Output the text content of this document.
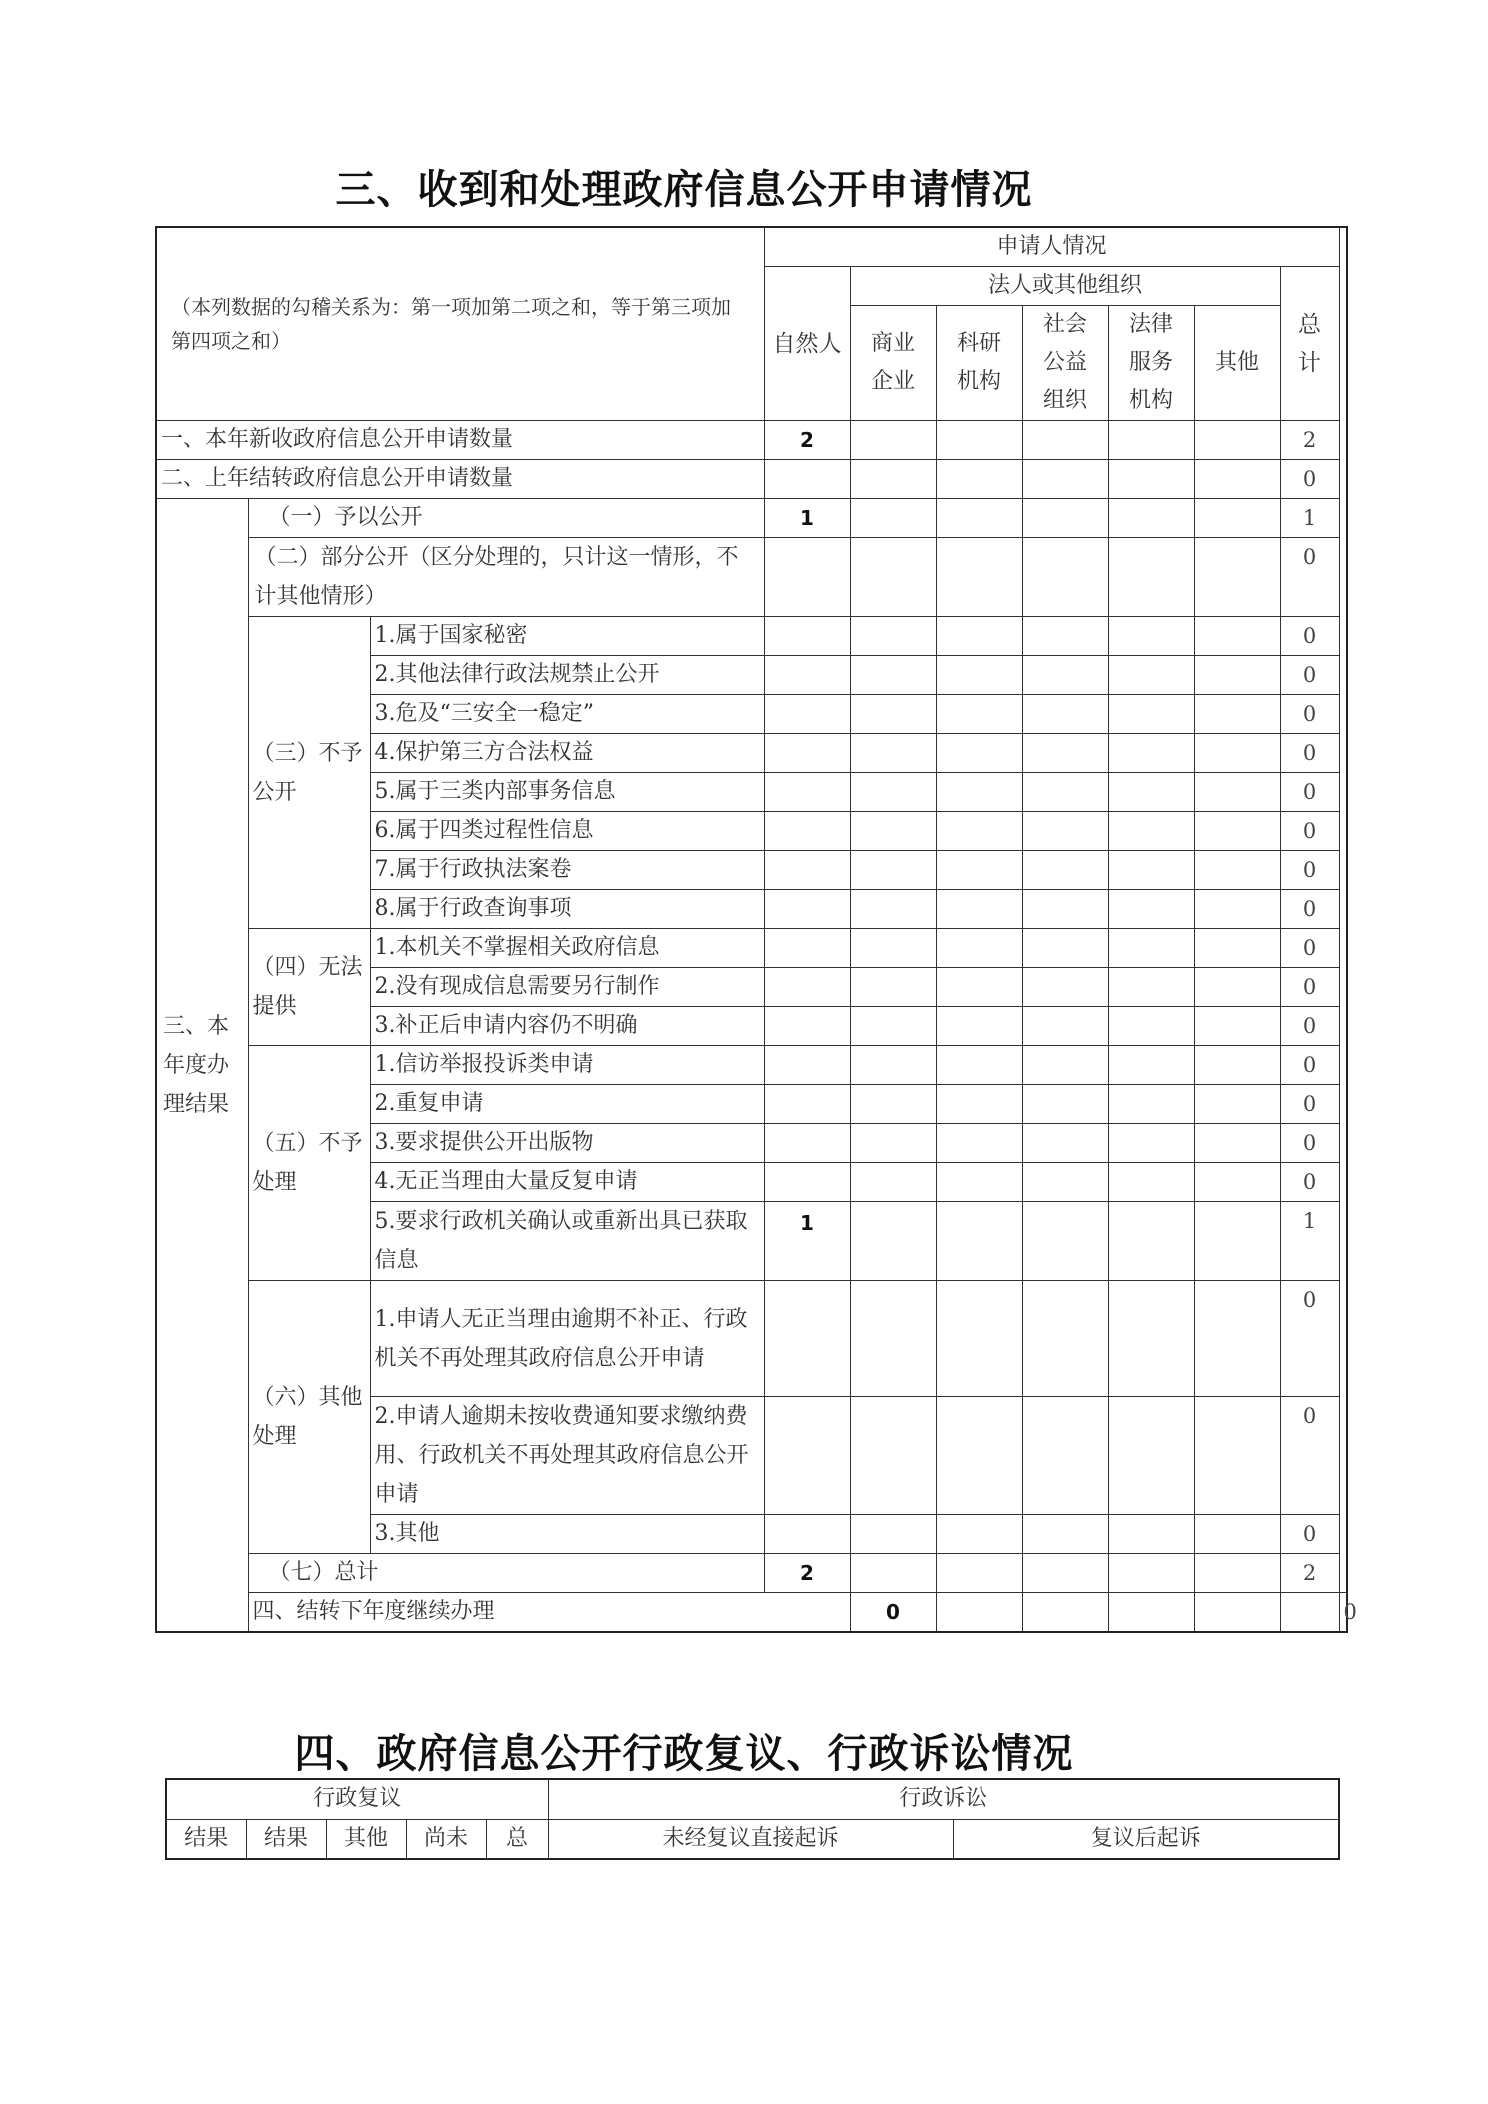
三、收到和处理政府信息公开申请情况
（本列数据的勾稽关系为：第一项加第二项之和，等于第三项加第四项之和）			申请人情况							
			自然人	法人或其他组织					总计	
				商业企业	科研机构	社会公益组织	法律服务机构	其他		
一、本年新收政府信息公开申请数量			2						2	
二、上年结转政府信息公开申请数量									0	
三、本年度办理结果	（一）予以公开		1						1	
	（二）部分公开（区分处理的，只计这一情形，不计其他情形）								0	
	（三）不予公开	1.属于国家秘密							0	
		2.其他法律行政法规禁止公开							0	
		3.危及“三安全一稳定”							0	
		4.保护第三方合法权益							0	
		5.属于三类内部事务信息							0	
		6.属于四类过程性信息							0	
		7.属于行政执法案卷							0	
		8.属于行政查询事项							0	
	（四）无法提供	1.本机关不掌握相关政府信息							0	
		2.没有现成信息需要另行制作							0	
		3.补正后申请内容仍不明确							0	
	（五）不予处理	1.信访举报投诉类申请							0	
		2.重复申请							0	
		3.要求提供公开出版物							0	
		4.无正当理由大量反复申请							0	
		5.要求行政机关确认或重新出具已获取信息	1						1	
	（六）其他处理	1.申请人无正当理由逾期不补正、行政机关不再处理其政府信息公开申请							0	
		2.申请人逾期未按收费通知要求缴纳费用、行政机关不再处理其政府信息公开申请							0	
		3.其他							0	
	（七）总计		2						2	
	四、结转下年度继续办理			0						0
四、政府信息公开行政复议、行政诉讼情况
行政复议					行政诉讼	
结果	结果	其他	尚未	总	未经复议直接起诉	复议后起诉
